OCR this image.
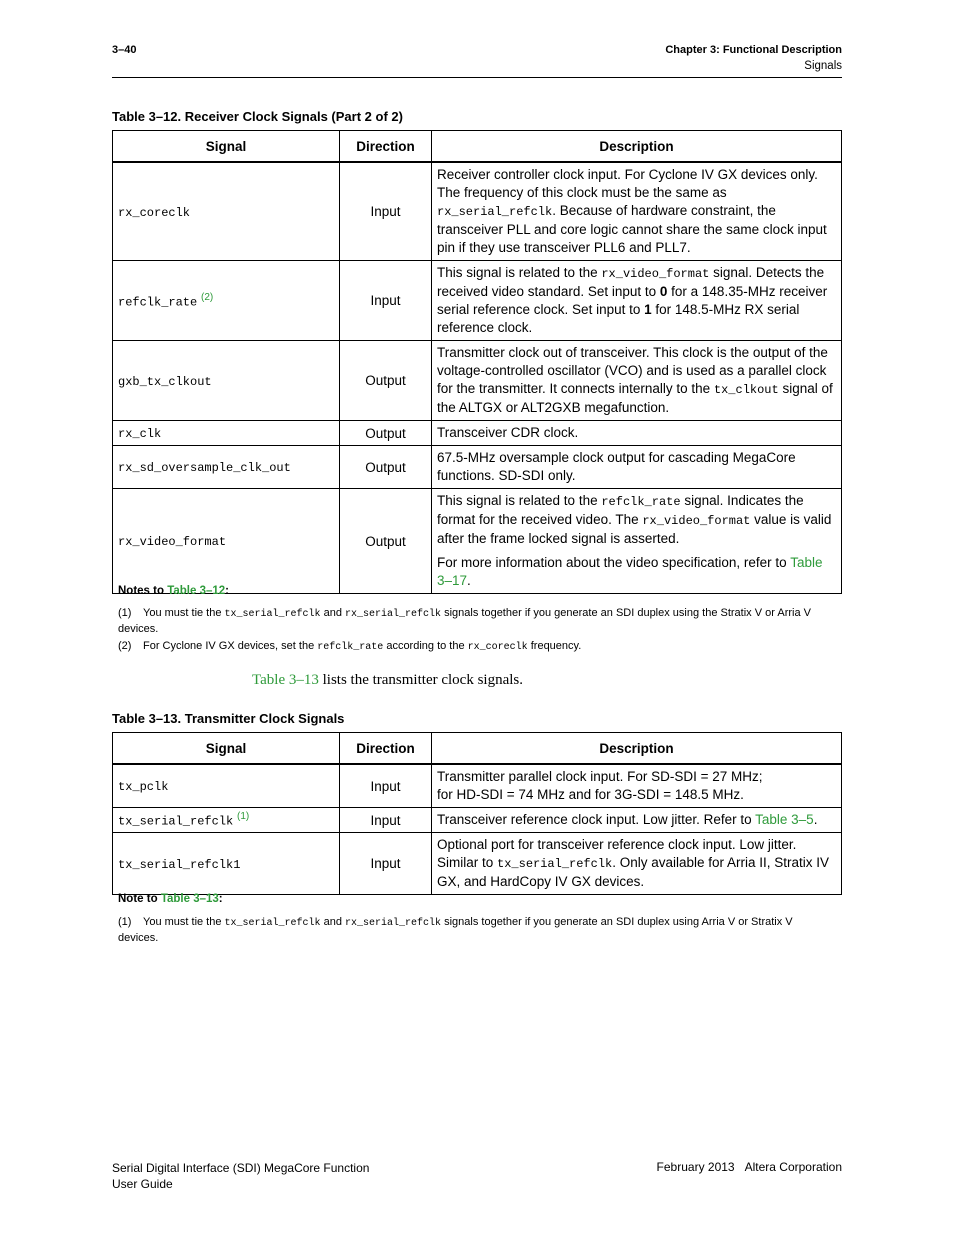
3–40	Chapter 3: Functional Description
Signals
Table 3–12. Receiver Clock Signals (Part 2 of 2)
Signal	Direction	Description
rx_coreclk	Input	Receiver controller clock input. For Cyclone IV GX devices only. The frequency of this clock must be the same as rx_serial_refclk. Because of hardware constraint, the transceiver PLL and core logic cannot share the same clock input pin if they use transceiver PLL6 and PLL7.
refclk_rate $^{(2)}$	Input	This signal is related to the rx_video_format signal. Detects the received video standard. Set input to 0 for a 148.35-MHz receiver serial reference clock. Set input to 1 for 148.5-MHz RX serial reference clock.
gxb_tx_clkout	Output	Transmitter clock out of transceiver. This clock is the output of the voltage-controlled oscillator (VCO) and is used as a parallel clock for the transmitter. It connects internally to the tx_clkout signal of the ALTGX or ALT2GXB megafunction.
rx_clk	Output	Transceiver CDR clock.
rx_sd_oversample_clk_out	Output	67.5-MHz oversample clock output for cascading MegaCore functions. SD-SDI only.
rx_video_format	Output	This signal is related to the refclk_rate signal. Indicates the format for the received video. The rx_video_format value is valid after the frame locked signal is asserted.

For more information about the video specification, refer to Table 3–17.

Notes to Table 3–12:
(1) You must tie the tx_serial_refclk and rx_serial_refclk signals together if you generate an SDI duplex using the Stratix V or Arria V devices.
(2) For Cyclone IV GX devices, set the refclk_rate according to the rx_coreclk frequency.
Table 3–13 lists the transmitter clock signals.
Table 3–13. Transmitter Clock Signals
Signal	Direction	Description
tx_pclk	Input	Transmitter parallel clock input. For SD-SDI = 27 MHz;
for HD-SDI = 74 MHz and for 3G-SDI = 148.5 MHz.
tx_serial_refclk $^{(1)}$	Input	Transceiver reference clock input. Low jitter. Refer to Table 3–5.
tx_serial_refclk1	Input	Optional port for transceiver reference clock input. Low jitter. Similar to tx_serial_refclk. Only available for Arria II, Stratix IV GX, and HardCopy IV GX devices.
Note to Table 3–13:
(1) You must tie the tx_serial_refclk and rx_serial_refclk signals together if you generate an SDI duplex using Arria V or Stratix V devices.
Serial Digital Interface (SDI) MegaCore Function
User Guide
February 2013 Altera Corporation
